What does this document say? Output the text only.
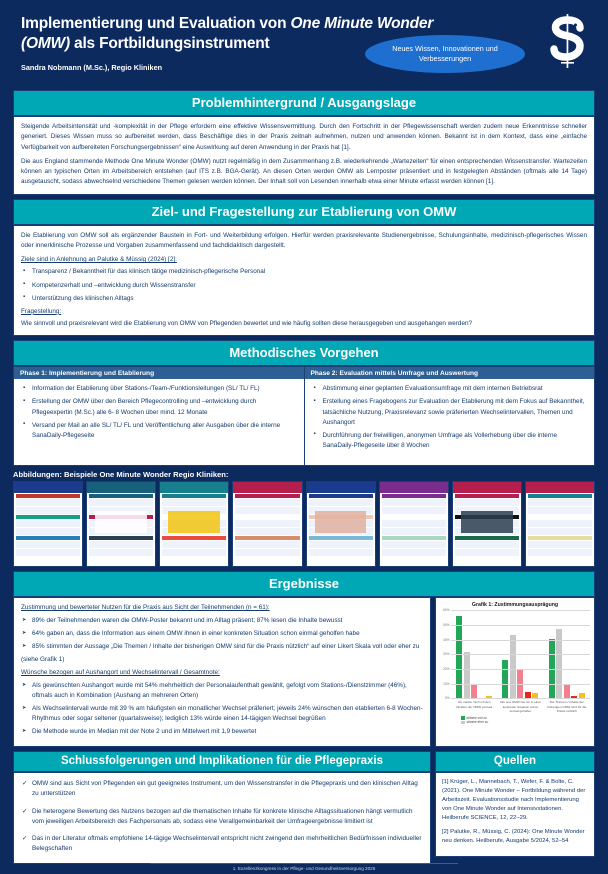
Implementierung und Evaluation von One Minute Wonder (OMW) als Fortbildungsinstrument
Sandra Nobmann (M.Sc.), Regio Kliniken
Neues Wissen, Innovationen und Verbesserungen
Problemhintergrund / Ausgangslage
Steigende Arbeitsintensität und -komplexität in der Pflege erfordern eine effektive Wissensvermittlung. Durch den Fortschritt in der Pflegewissenschaft werden zudem neue Erkenntnisse schneller generiert. Dieses Wissen muss so aufbereitet werden, dass Beschäftige dies in der Praxis zeitnah aufnehmen, nutzen und anwenden können. Bekannt ist in dem Kontext, dass eine „einfache Verfügbarkeit von aufbereiteten Forschungsergebnissen“ eine Auswirkung auf deren Anwendung in der Praxis hat [1].
Die aus England stammende Methode One Minute Wonder (OMW) nutzt regelmäßig in dem Zusammenhang z.B. wiederkehrende „Wartezeiten“ für einen entsprechenden Wissenstransfer. Wartezeiten können an typischen Orten im Arbeitsbereich entstehen (auf ITS z.B. BGA-Gerät). An diesen Orten werden OMW als Lernposter präsentiert und in festgelegten Abständen (oftmals alle 14 Tage) ausgetauscht, sodass abwechselnd verschiedene Themen gelesen werden können. Der Inhalt soll von Lesenden innerhalb etwa einer Minute erfasst werden können [1].
Ziel- und Fragestellung zur Etablierung von OMW
Die Etablierung von OMW soll als ergänzender Baustein in Fort- und Weiterbildung erfolgen. Hierfür werden praxisrelevante Studienergebnisse, Schulungsinhalte, medizinisch-pflegerisches Wissen oder innerklinische Prozesse und Vorgaben zusammenfassend und fachdidaktisch dargestellt.
Ziele sind in Anlehnung an Palutke & Müssig (2024) [2]:
▪ Transparenz / Bekanntheit für das klinisch tätige medizinisch-pflegerische Personal
▪ Kompetenzerhalt und –entwicklung durch Wissenstransfer
▪ Unterstützung des klinischen Alltags
Fragestellung:
Wie sinnvoll und praxisrelevant wird die Etablierung von OMW von Pflegenden bewertet und wie häufig sollten diese herausgegeben und ausgehangen werden?
Methodisches Vorgehen
Phase 1: Implementierung und Etablierung
▪ Information der Etablierung über Stations-/Team-/Funktionsleitungen (SL/ TL/ FL)
▪ Erstellung der OMW über den Bereich Pflegecontrolling und –entwicklung durch Pflegeexpertin (M.Sc.) alle 6- 8 Wochen über mind. 12 Monate
▪ Versand per Mail an alle SL/ TL/ FL und Veröffentlichung aller Ausgaben über die interne SanaDaily-Pflegeseite
Phase 2: Evaluation mittels Umfrage und Auswertung
▪ Abstimmung einer geplanten Evaluationsumfrage mit dem internen Betriebsrat
▪ Erstellung eines Fragebogens zur Evaluation der Etablierung mit dem Fokus auf Bekanntheit, tatsächliche Nutzung, Praxisrelevanz sowie präferierten Wechselintervallen, Themen und Aushangort
▪ Durchführung der freiwilligen, anonymen Umfrage als Vollerhebung über die interne SanaDaily-Pflegeseite über 8 Wochen
Abbildungen: Beispiele One Minute Wonder Regio Kliniken:
Ergebnisse
Zustimmung und bewerteter Nutzen für die Praxis aus Sicht der Teilnehmenden (n = 61):
➤ 89% der Teilnehmenden waren die OMW-Poster bekannt und im Alltag präsent; 87% lesen die Inhalte bewusst
➤ 64% gaben an, dass die Information aus einem OMW ihnen in einer konkreten Situation schon einmal geholfen habe
➤ 85% stimmten der Aussage „Die Themen / Inhalte der bisherigen OMW sind für die Praxis nützlich“ auf einer Likert Skala voll oder eher zu
(siehe Grafik 1)
Wünsche bezogen auf Aushangort und Wechselintervall / Gesamtnote:
➤ Als gewünschten Aushangort wurde mit 54% mehrheitlich der Personalaufenthalt gewählt, gefolgt vom Stations-/Dienstzimmer (46%), oftmals auch in Kombination (Aushang an mehreren Orten)
➤ Als Wechselintervall wurde mit 39 % am häufigsten ein monatlicher Wechsel präferiert; jeweils 24% wünschen den etablierten 6-8 Wochen-Rhythmus oder sogar seltener (quartalsweise); lediglich 13% würde einen 14-tägigen Wechsel begrüßen
➤ Die Methode wurde im Median mit der Note 2 und im Mittelwert mit 1,9 bewertet
Grafik 1: Zustimmungsausprägung
0%
10%
20%
30%
40%
50%
60%
Ich mache mich mit den Inhalten der OMW vertraut
Info aus OMW hat mir in einer konkreten Situation schon einmal geholfen
Die Themen / Inhalte der bisherigen OMW sind für die Praxis nützlich
stimme voll zu
stimme eher zu
Schlussfolgerungen und Implikationen für die Pflegepraxis
✓ OMW sind aus Sicht von Pflegenden ein gut geeignetes Instrument, um den Wissenstransfer in die Pflegepraxis und den klinischen Alltag zu unterstützen
✓ Die heterogene Bewertung des Nutzens bezogen auf die thematischen Inhalte für konkrete klinische Alltagssituationen hängt vermutlich vom jeweiligen Arbeitsbereich des Fachpersonals ab, sodass eine Verallgemeinbarkeit der Umfrageergebnisse limitiert ist
✓ Das in der Literatur oftmals empfohlene 14-tägige Wechselintervall entspricht nicht zwingend den mehrheitlichen Bedürfnissen individueller Belegschaften
Quellen
[1] Krüger, L., Mannebach, T., Wefer, F. & Bolte, C. (2021). One Minute Wonder – Fortbildung während der Arbeitszeit. Evaluationsstudie nach Implementierung von One Minute Wonder auf Intensivstationen. Heilberufe SCIENCE, 12, 22–29.
[2] Palutke, R., Müssig, C. (2024): One Minute Wonder neu denken. Heilberufe, Ausgabe 5/2024, 52–54
1. Exzellenzkongress in der Pflege- und Gesundheitsversorgung 2026
